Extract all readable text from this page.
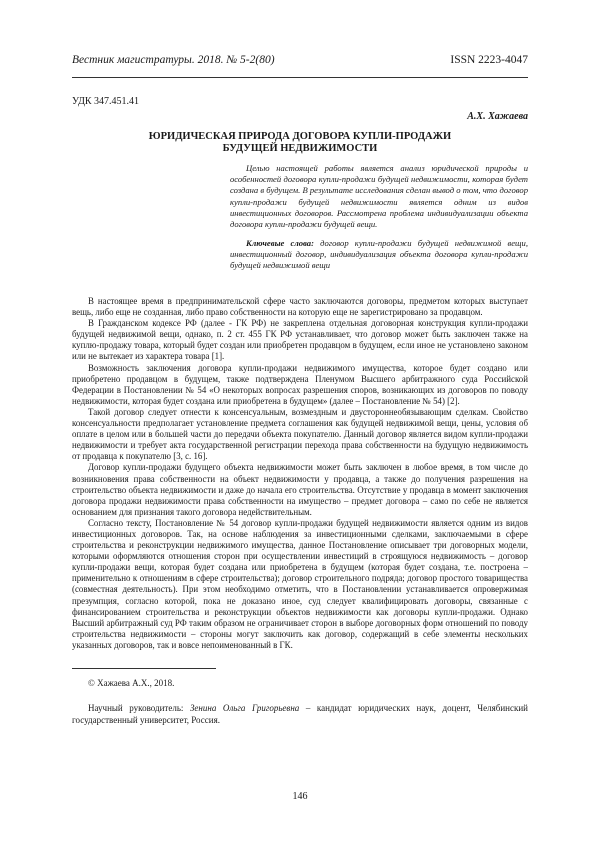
Вестник магистратуры. 2018. № 5-2(80)	ISSN 2223-4047
УДК 347.451.41
А.Х. Хажаева
ЮРИДИЧЕСКАЯ ПРИРОДА ДОГОВОРА КУПЛИ-ПРОДАЖИ
БУДУЩЕЙ НЕДВИЖИМОСТИ
Целью настоящей работы является анализ юридической природы и особенностей договора купли-продажи будущей недвижимости, которая будет создана в будущем. В результате исследования сделан вывод о том, что договор купли-продажи будущей недвижимости является одним из видов инвестиционных договоров. Рассмотрена проблема индивидуализации объекта договора купли-продажи будущей вещи.
Ключевые слова: договор купли-продажи будущей недвижимой вещи, инвестиционный договор, индивидуализация объекта договора купли-продажи будущей недвижимой вещи

В настоящее время в предпринимательской сфере часто заключаются договоры, предметом которых выступает вещь, либо еще не созданная, либо право собственности на которую еще не зарегистрировано за продавцом.

В Гражданском кодексе РФ (далее - ГК РФ) не закреплена отдельная договорная конструкция купли-продажи будущей недвижимой вещи, однако, п. 2 ст. 455 ГК РФ устанавливает, что договор может быть заключен также на куплю-продажу товара, который будет создан или приобретен продавцом в будущем, если иное не установлено законом или не вытекает из характера товара [1].

Возможность заключения договора купли-продажи недвижимого имущества, которое будет создано или приобретено продавцом в будущем, также подтверждена Пленумом Высшего арбитражного суда Российской Федерации в Постановлении № 54 «О некоторых вопросах разрешения споров, возникающих из договоров по поводу недвижимости, которая будет создана или приобретена в будущем» (далее – Постановление № 54) [2].

Такой договор следует отнести к консенсуальным, возмездным и двустороннеобязывающим сделкам. Свойство консенсуальности предполагает установление предмета соглашения как будущей недвижимой вещи, цены, условия об оплате в целом или в большей части до передачи объекта покупателю. Данный договор является видом купли-продажи недвижимости и требует акта государственной регистрации перехода права собственности на будущую недвижимость от продавца к покупателю [3, с. 16].

Договор купли-продажи будущего объекта недвижимости может быть заключен в любое время, в том числе до возникновения права собственности на объект недвижимости у продавца, а также до получения разрешения на строительство объекта недвижимости и даже до начала его строительства. Отсутствие у продавца в момент заключения договора продажи недвижимости права собственности на имущество – предмет договора – само по себе не является основанием для признания такого договора недействительным.

Согласно тексту, Постановление № 54 договор купли-продажи будущей недвижимости является одним из видов инвестиционных договоров. Так, на основе наблюдения за инвестиционными сделками, заключаемыми в сфере строительства и реконструкции недвижимого имущества, данное Постановление описывает три договорных модели, которыми оформляются отношения сторон при осуществлении инвестиций в строящуюся недвижимость – договор купли-продажи вещи, которая будет создана или приобретена в будущем (которая будет создана, т.е. построена – применительно к отношениям в сфере строительства); договор строительного подряда; договор простого товарищества (совместная деятельность). При этом необходимо отметить, что в Постановлении устанавливается опровержимая презумпция, согласно которой, пока не доказано иное, суд следует квалифицировать договоры, связанные с финансированием строительства и реконструкции объектов недвижимости как договоры купли-продажи. Однако Высший арбитражный суд РФ таким образом не ограничивает сторон в выборе договорных форм отношений по поводу строительства недвижимости – стороны могут заключить как договор, содержащий в себе элементы нескольких указанных договоров, так и вовсе непоименованный в ГК.

© Хажаева А.Х., 2018.
Научный руководитель: Зенина Ольга Григорьевна – кандидат юридических наук, доцент, Челябинский государственный университет, Россия.
146
